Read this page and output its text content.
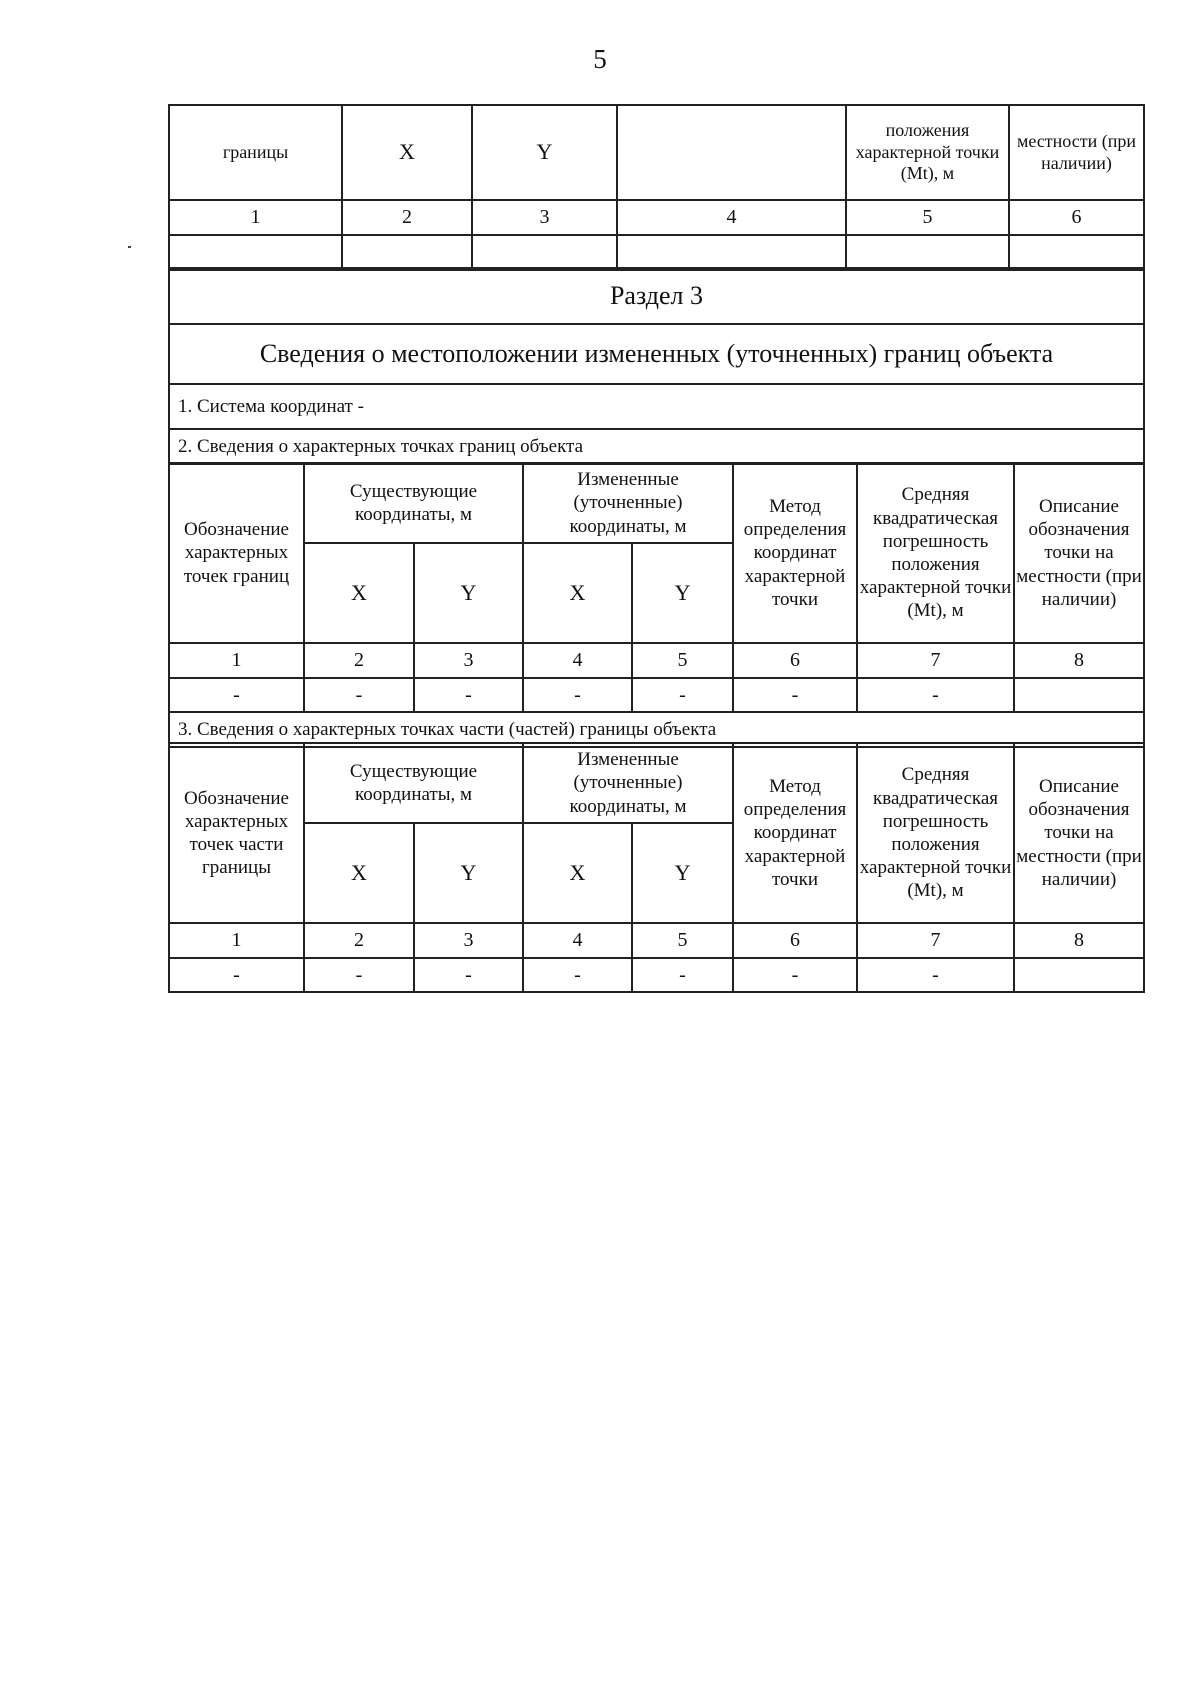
5
границы	X	Y		положения характерной точки (Mt), м	местности (при наличии)
1	2	3	4	5	6

Раздел 3
Сведения о местоположении измененных (уточненных) границ объекта
1. Система координат -
2. Сведения о характерных точках границ объекта
Обозначение характерных точек границ	Существующие координаты, м		Измененные (уточненные) координаты, м		Метод определения координат характерной точки	Средняя квадратическая погрешность положения характерной точки (Mt), м	Описание обозначения точки на местности (при наличии)
	X	Y	X	Y			
1	2	3	4	5	6	7	8
-	-	-	-	-	-	-	
3. Сведения о характерных точках части (частей) границы объекта							
Обозначение характерных точек части границы	Существующие координаты, м		Измененные (уточненные) координаты, м		Метод определения координат характерной точки	Средняя квадратическая погрешность положения характерной точки (Mt), м	Описание обозначения точки на местности (при наличии)
	X	Y	X	Y			
1	2	3	4	5	6	7	8
-	-	-	-	-	-	-	
